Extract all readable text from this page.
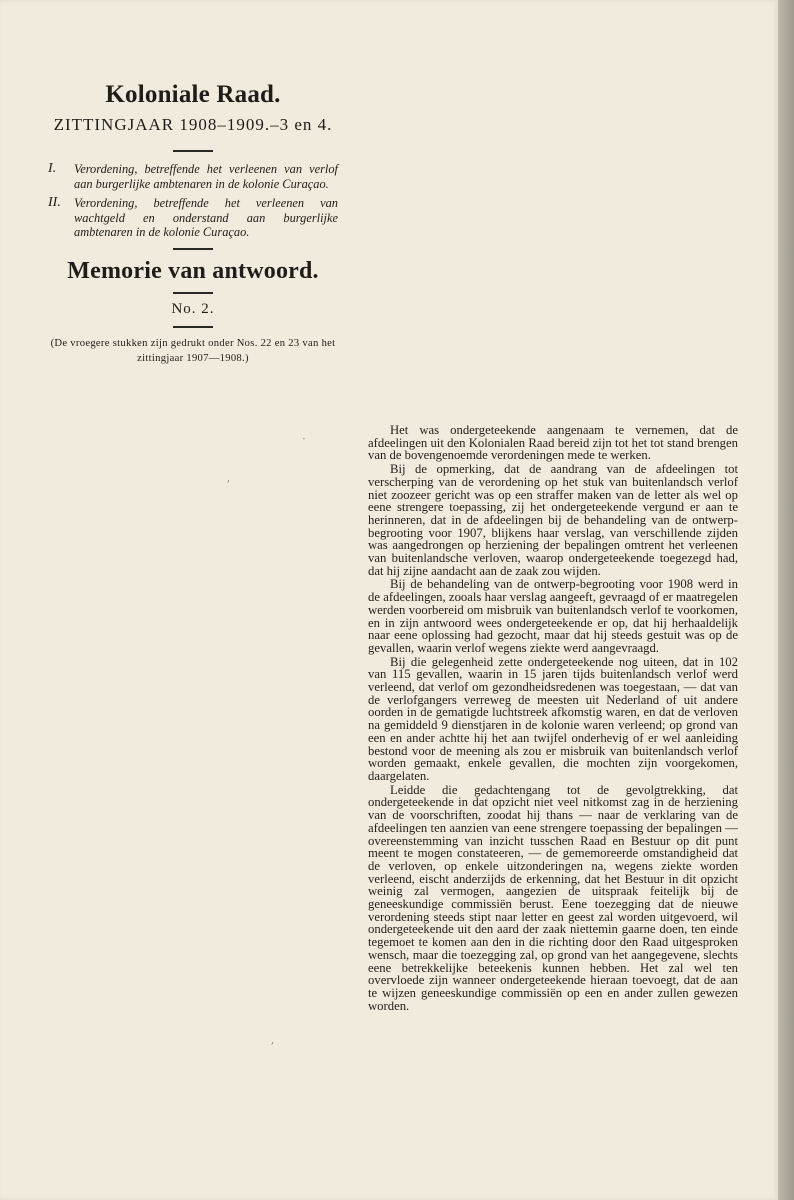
Koloniale Raad.
ZITTINGJAAR 1908–1909.–3 en 4.
I.	Verordening, betreffende het verleenen van verlof aan burgerlijke ambtenaren in de kolonie Curaçao.
II.	Verordening, betreffende het verleenen van wachtgeld en onderstand aan burgerlijke ambtenaren in de kolonie Curaçao.
Memorie van antwoord.
No. 2.

(De vroegere stukken zijn gedrukt onder Nos. 22 en 23 van het zittingjaar 1907—1908.)

Het was ondergeteekende aangenaam te vernemen, dat de afdeelingen uit den Kolonialen Raad bereid zijn tot het tot stand brengen van de bovengenoemde verordeningen mede te werken.

Bij de opmerking, dat de aandrang van de afdeelingen tot verscherping van de verordening op het stuk van buitenlandsch verlof niet zoozeer gericht was op een straffer maken van de letter als wel op eene strengere toepassing, zij het ondergeteekende vergund er aan te herinneren, dat in de afdeelingen bij de behandeling van de ontwerp-begrooting voor 1907, blijkens haar verslag, van verschillende zijden was aangedrongen op herziening der bepalingen omtrent het verleenen van buitenlandsche verloven, waarop ondergeteekende toegezegd had, dat hij zijne aandacht aan de zaak zou wijden.

Bij de behandeling van de ontwerp-begrooting voor 1908 werd in de afdeelingen, zooals haar verslag aangeeft, gevraagd of er maatregelen werden voorbereid om misbruik van buitenlandsch verlof te voorkomen, en in zijn antwoord wees ondergeteekende er op, dat hij herhaaldelijk naar eene oplossing had gezocht, maar dat hij steeds gestuit was op de gevallen, waarin verlof wegens ziekte werd aangevraagd.

Bij die gelegenheid zette ondergeteekende nog uiteen, dat in 102 van 115 gevallen, waarin in 15 jaren tijds buitenlandsch verlof werd verleend, dat verlof om gezondheidsredenen was toegestaan, — dat van de verlofgangers verreweg de meesten uit Nederland of uit andere oorden in de gematigde luchtstreek afkomstig waren, en dat de verloven na gemiddeld 9 dienstjaren in de kolonie waren verleend; op grond van een en ander achtte hij het aan twijfel onderhevig of er wel aanleiding bestond voor de meening als zou er misbruik van buitenlandsch verlof worden gemaakt, enkele gevallen, die mochten zijn voorgekomen, daargelaten.

Leidde die gedachtengang tot de gevolgtrekking, dat ondergeteekende in dat opzicht niet veel nitkomst zag in de herziening van de voorschriften, zoodat hij thans — naar de verklaring van de afdeelingen ten aanzien van eene strengere toepassing der bepalingen — overeenstemming van inzicht tusschen Raad en Bestuur op dit punt meent te mogen constateeren, — de gememoreerde omstandigheid dat de verloven, op enkele uitzonderingen na, wegens ziekte worden verleend, eischt anderzijds de erkenning, dat het Bestuur in dit opzicht weinig zal vermogen, aangezien de uitspraak feitelijk bij de geneeskundige commissiën berust. Eene toezegging dat de nieuwe verordening steeds stipt naar letter en geest zal worden uitgevoerd, wil ondergeteekende uit den aard der zaak niettemin gaarne doen, ten einde tegemoet te komen aan den in die richting door den Raad uitgesproken wensch, maar die toezegging zal, op grond van het aangegevene, slechts eene betrekkelijke beteekenis kunnen hebben. Het zal wel ten overvloede zijn wanneer ondergeteekende hieraan toevoegt, dat de aan te wijzen geneeskundige commissiën op een en ander zullen gewezen worden.

·
ʼ
ʼ
